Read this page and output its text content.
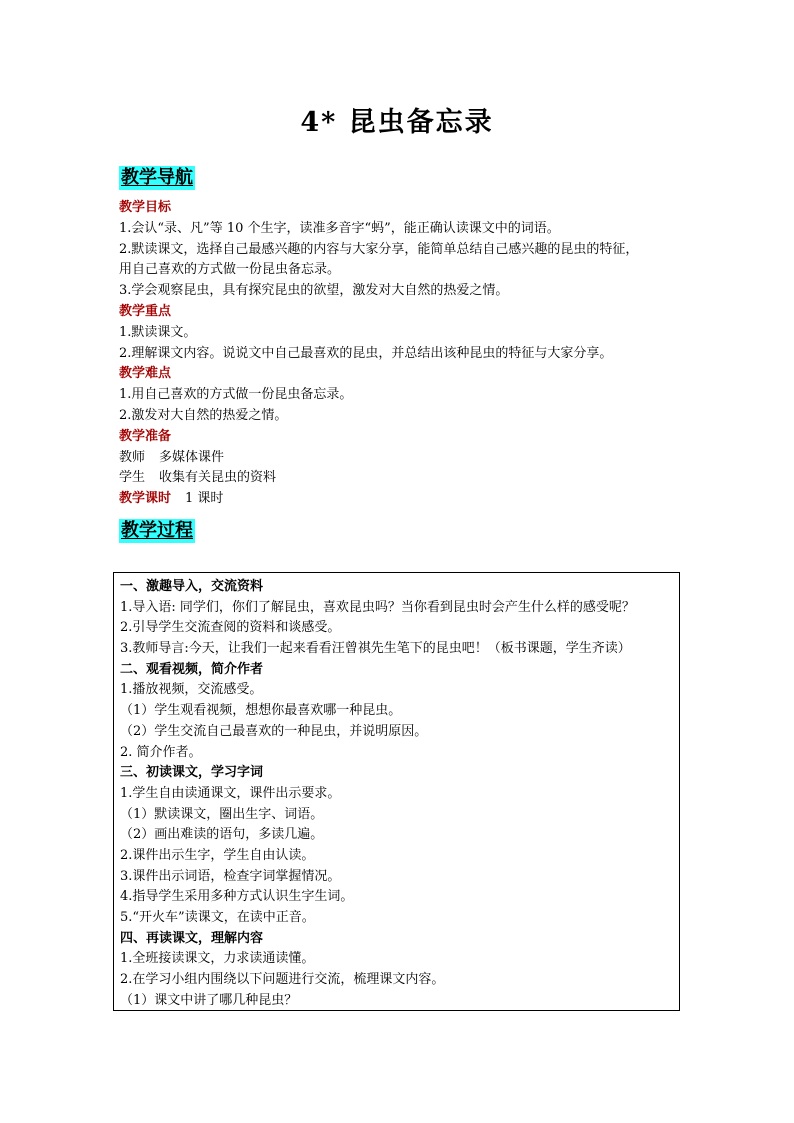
4* 昆虫备忘录
教学导航
教学目标
1.会认“录、凡”等 10 个生字，读准多音字“蚂”，能正确认读课文中的词语。
2.默读课文，选择自己最感兴趣的内容与大家分享，能简单总结自己感兴趣的昆虫的特征，
用自己喜欢的方式做一份昆虫备忘录。
3.学会观察昆虫，具有探究昆虫的欲望，激发对大自然的热爱之情。
教学重点
1.默读课文。
2.理解课文内容。说说文中自己最喜欢的昆虫，并总结出该种昆虫的特征与大家分享。
教学难点
1.用自己喜欢的方式做一份昆虫备忘录。
2.激发对大自然的热爱之情。
教学准备
教师 多媒体课件
学生 收集有关昆虫的资料
教学课时 1 课时
教学过程
一、激趣导入，交流资料
1.导入语: 同学们，你们了解昆虫，喜欢昆虫吗？当你看到昆虫时会产生什么样的感受呢？
2.引导学生交流查阅的资料和谈感受。
3.教师导言:今天，让我们一起来看看汪曾祺先生笔下的昆虫吧！（板书课题，学生齐读）
二、观看视频，简介作者
1.播放视频，交流感受。
（1）学生观看视频，想想你最喜欢哪一种昆虫。
（2）学生交流自己最喜欢的一种昆虫，并说明原因。
2. 简介作者。
三、初读课文，学习字词
1.学生自由读通课文，课件出示要求。
（1）默读课文，圈出生字、词语。
（2）画出难读的语句，多读几遍。
2.课件出示生字，学生自由认读。
3.课件出示词语，检查字词掌握情况。
4.指导学生采用多种方式认识生字生词。
5.“开火车”读课文，在读中正音。
四、再读课文，理解内容
1.全班接读课文，力求读通读懂。
2.在学习小组内围绕以下问题进行交流，梳理课文内容。
（1）课文中讲了哪几种昆虫？
